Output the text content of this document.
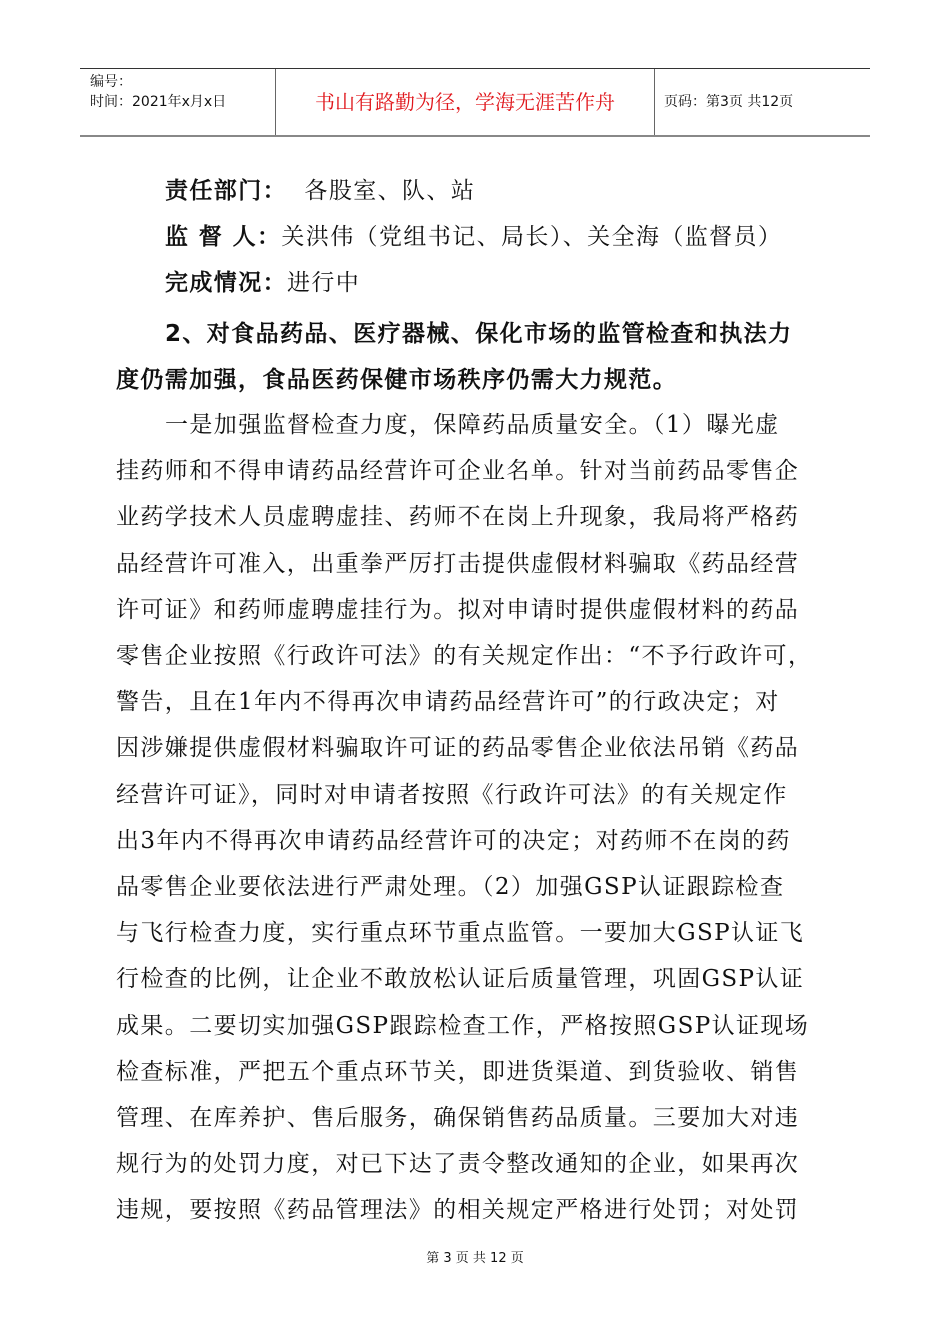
编号：
时间：2021年x月x日	书山有路勤为径，学海无涯苦作舟	页码：第3页 共12页
责任部门：  各股室、队、站
监 督 人：关洪伟（党组书记、局长）、关全海（监督员）
完成情况：进行中
2、对食品药品、医疗器械、保化市场的监管检查和执法力
度仍需加强，食品医药保健市场秩序仍需大力规范。
一是加强监督检查力度，保障药品质量安全。（1）曝光虚
挂药师和不得申请药品经营许可企业名单。针对当前药品零售企
业药学技术人员虚聘虚挂、药师不在岗上升现象，我局将严格药
品经营许可准入，出重拳严厉打击提供虚假材料骗取《药品经营
许可证》和药师虚聘虚挂行为。拟对申请时提供虚假材料的药品
零售企业按照《行政许可法》的有关规定作出：“不予行政许可，
警告，且在1年内不得再次申请药品经营许可”的行政决定；对
因涉嫌提供虚假材料骗取许可证的药品零售企业依法吊销《药品
经营许可证》，同时对申请者按照《行政许可法》的有关规定作
出3年内不得再次申请药品经营许可的决定；对药师不在岗的药
品零售企业要依法进行严肃处理。（2）加强GSP认证跟踪检查
与飞行检查力度，实行重点环节重点监管。一要加大GSP认证飞
行检查的比例，让企业不敢放松认证后质量管理，巩固GSP认证
成果。二要切实加强GSP跟踪检查工作，严格按照GSP认证现场
检查标准，严把五个重点环节关，即进货渠道、到货验收、销售
管理、在库养护、售后服务，确保销售药品质量。三要加大对违
规行为的处罚力度，对已下达了责令整改通知的企业，如果再次
违规，要按照《药品管理法》的相关规定严格进行处罚；对处罚
第 3 页 共 12 页
